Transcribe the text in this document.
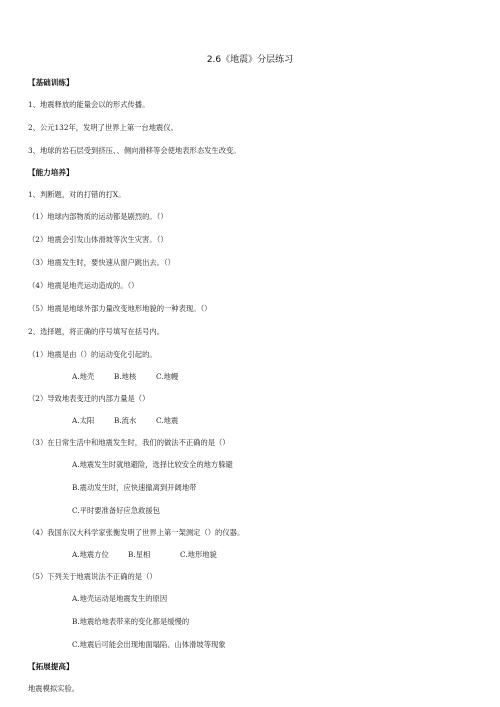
2.6《地震》分层练习
【基础训练】
1、地震释放的能量会以的形式传播。
2、公元132年，发明了世界上第一台地震仪。
3、地球的岩石层受到挤压、、侧向滑移等会使地表形态发生改变。
【能力培养】
1、判断题，对的打错的打X。
（1）地球内部物质的运动都是剧烈的。（）
（2）地震会引发山体滑坡等次生灾害。（）
（3）地震发生时，要快速从窗户跳出去。（）
（4）地震是地壳运动造成的。（）
（5）地震是地球外部力量改变地形地貌的一种表现。（）
2、选择题，将正确的序号填写在括号内。
（1）地震是由（）的运动变化引起的。
A.地壳	B.地核	C.地幔
（2）导致地表变迁的内部力量是（）
A.太阳	B.流水	C.地震
（3）在日常生活中和地震发生时，我们的做法不正确的是（）
A.地震发生时就地避险，选择比较安全的地方躲避
B.震动发生时，应快速撤离到开阔地带
C.平时要准备好应急救援包
（4）我国东汉大科学家张衡发明了世界上第一架测定（）的仪器。
A.地震方位	B.星相	C.地形地貌
（5）下列关于地震说法不正确的是（）
A.地壳运动是地震发生的原因
B.地震给地表带来的变化都是缓慢的
C.地震后可能会出现地面塌陷、山体滑坡等现象
【拓展提高】
地震模拟实验。
